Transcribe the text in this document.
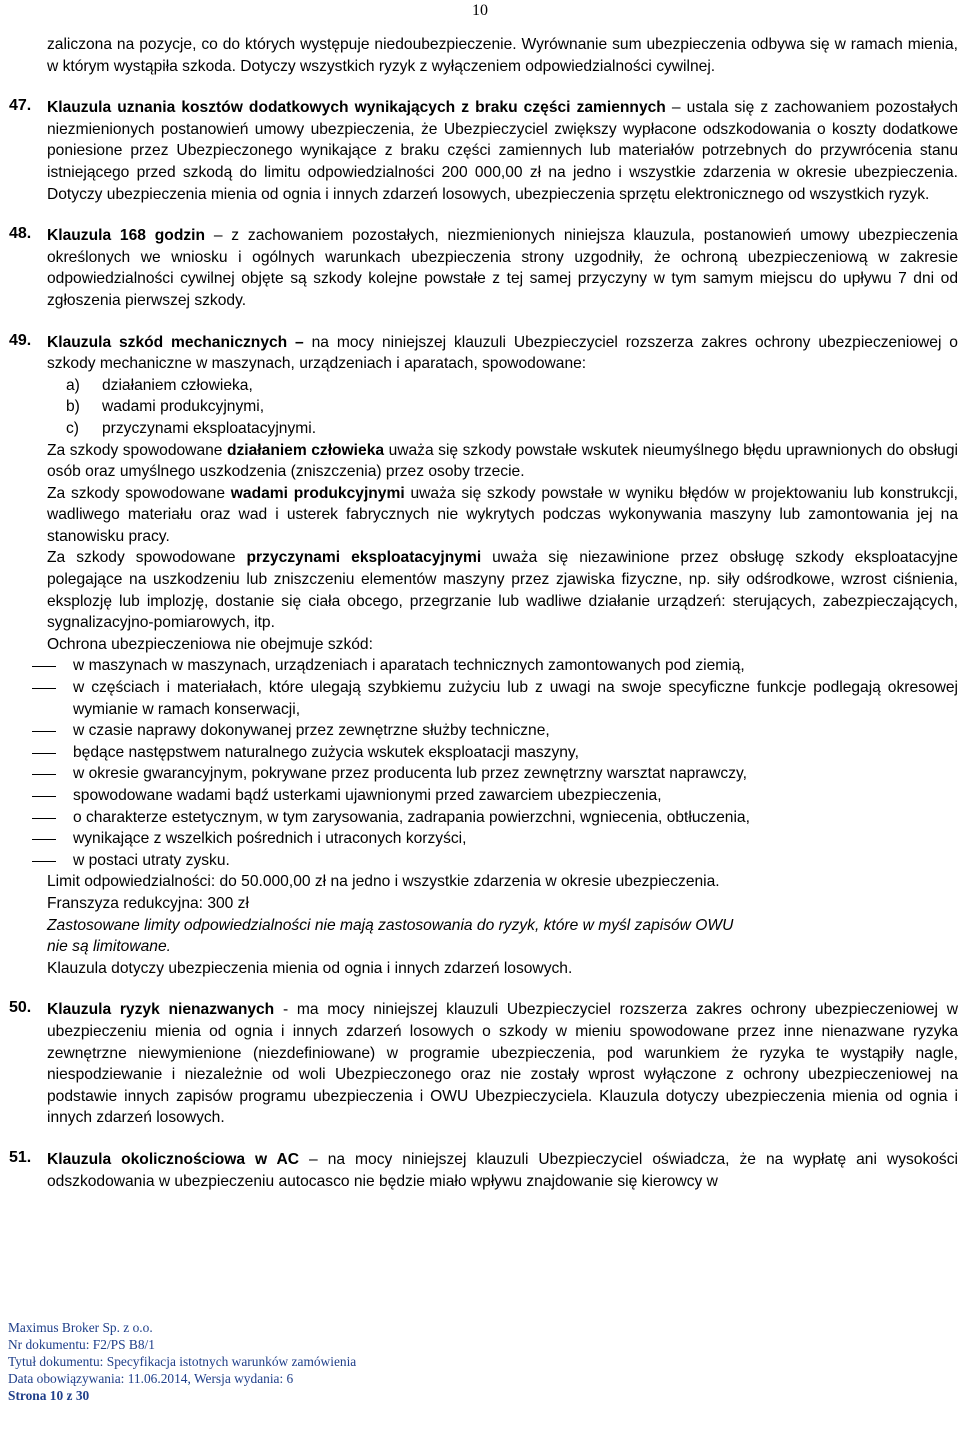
10

zaliczona na pozycje, co do których występuje niedoubezpieczenie. Wyrównanie sum ubezpieczenia odbywa się w ramach mienia, w którym wystąpiła szkoda. Dotyczy wszystkich ryzyk z wyłączeniem odpowiedzialności cywilnej.

47. Klauzula uznania kosztów dodatkowych wynikających z braku części zamiennych – ustala się z zachowaniem pozostałych niezmienionych postanowień umowy ubezpieczenia, że Ubezpieczyciel zwiększy wypłacone odszkodowania o koszty dodatkowe poniesione przez Ubezpieczonego wynikające z braku części zamiennych lub materiałów potrzebnych do przywrócenia stanu istniejącego przed szkodą do limitu odpowiedzialności 200 000,00 zł na jedno i wszystkie zdarzenia w okresie ubezpieczenia. Dotyczy ubezpieczenia mienia od ognia i innych zdarzeń losowych, ubezpieczenia sprzętu elektronicznego od wszystkich ryzyk.

48. Klauzula 168 godzin – z zachowaniem pozostałych, niezmienionych niniejsza klauzula, postanowień umowy ubezpieczenia określonych we wniosku i ogólnych warunkach ubezpieczenia strony uzgodniły, że ochroną ubezpieczeniową w zakresie odpowiedzialności cywilnej objęte są szkody kolejne powstałe z tej samej przyczyny w tym samym miejscu do upływu 7 dni od zgłoszenia pierwszej szkody.

49. Klauzula szkód mechanicznych – na mocy niniejszej klauzuli Ubezpieczyciel rozszerza zakres ochrony ubezpieczeniowej o szkody mechaniczne w maszynach, urządzeniach i aparatach, spowodowane:

a)	działaniem człowieka,

b)	wadami produkcyjnymi,

c)	przyczynami eksploatacyjnymi.

Za szkody spowodowane działaniem człowieka uważa się szkody powstałe wskutek nieumyślnego błędu uprawnionych do obsługi osób oraz umyślnego uszkodzenia (zniszczenia) przez osoby trzecie.

Za szkody spowodowane wadami produkcyjnymi uważa się szkody powstałe w wyniku błędów w projektowaniu lub konstrukcji, wadliwego materiału oraz wad i usterek fabrycznych nie wykrytych podczas wykonywania maszyny lub zamontowania jej na stanowisku pracy.

Za szkody spowodowane przyczynami eksploatacyjnymi uważa się niezawinione przez obsługę szkody eksploatacyjne polegające na uszkodzeniu lub zniszczeniu elementów maszyny przez zjawiska fizyczne, np. siły odśrodkowe, wzrost ciśnienia, eksplozję lub implozję, dostanie się ciała obcego, przegrzanie lub wadliwe działanie urządzeń: sterujących, zabezpieczających, sygnalizacyjno-pomiarowych, itp.

Ochrona ubezpieczeniowa nie obejmuje szkód:

w maszynach w maszynach, urządzeniach i aparatach technicznych zamontowanych pod ziemią,

w częściach i materiałach, które ulegają szybkiemu zużyciu lub z uwagi na swoje specyficzne funkcje podlegają okresowej wymianie w ramach konserwacji,

w czasie naprawy dokonywanej przez zewnętrzne służby techniczne,

będące następstwem naturalnego zużycia wskutek eksploatacji maszyny,

w okresie gwarancyjnym, pokrywane przez producenta lub przez zewnętrzny warsztat naprawczy,

spowodowane wadami bądź usterkami ujawnionymi przed zawarciem ubezpieczenia,

o charakterze estetycznym, w tym zarysowania, zadrapania powierzchni, wgniecenia, obtłuczenia,

wynikające z wszelkich pośrednich i utraconych korzyści,

w postaci utraty zysku.

Limit odpowiedzialności: do 50.000,00 zł na jedno i wszystkie zdarzenia w okresie ubezpieczenia.

Franszyza redukcyjna: 300 zł

Zastosowane limity odpowiedzialności nie mają zastosowania do ryzyk, które w myśl zapisów OWU
nie są limitowane.

Klauzula dotyczy ubezpieczenia mienia od ognia i innych zdarzeń losowych.

50. Klauzula ryzyk nienazwanych - ma mocy niniejszej klauzuli Ubezpieczyciel rozszerza zakres ochrony ubezpieczeniowej w ubezpieczeniu mienia od ognia i innych zdarzeń losowych o szkody w mieniu spowodowane przez inne nienazwane ryzyka zewnętrzne niewymienione (niezdefiniowane) w programie ubezpieczenia, pod warunkiem że ryzyka te wystąpiły nagle, niespodziewanie i niezależnie od woli Ubezpieczonego oraz nie zostały wprost wyłączone z ochrony ubezpieczeniowej na podstawie innych zapisów programu ubezpieczenia i OWU Ubezpieczyciela. Klauzula dotyczy ubezpieczenia mienia od ognia i innych zdarzeń losowych.

51. Klauzula okolicznościowa w AC – na mocy niniejszej klauzuli Ubezpieczyciel oświadcza, że na wypłatę ani wysokości odszkodowania w ubezpieczeniu autocasco nie będzie miało wpływu znajdowanie się kierowcy w

Maximus Broker Sp. z o.o.
Nr dokumentu: F2/PS B8/1
Tytuł dokumentu: Specyfikacja istotnych warunków zamówienia
Data obowiązywania: 11.06.2014, Wersja wydania: 6
Strona 10 z 30
